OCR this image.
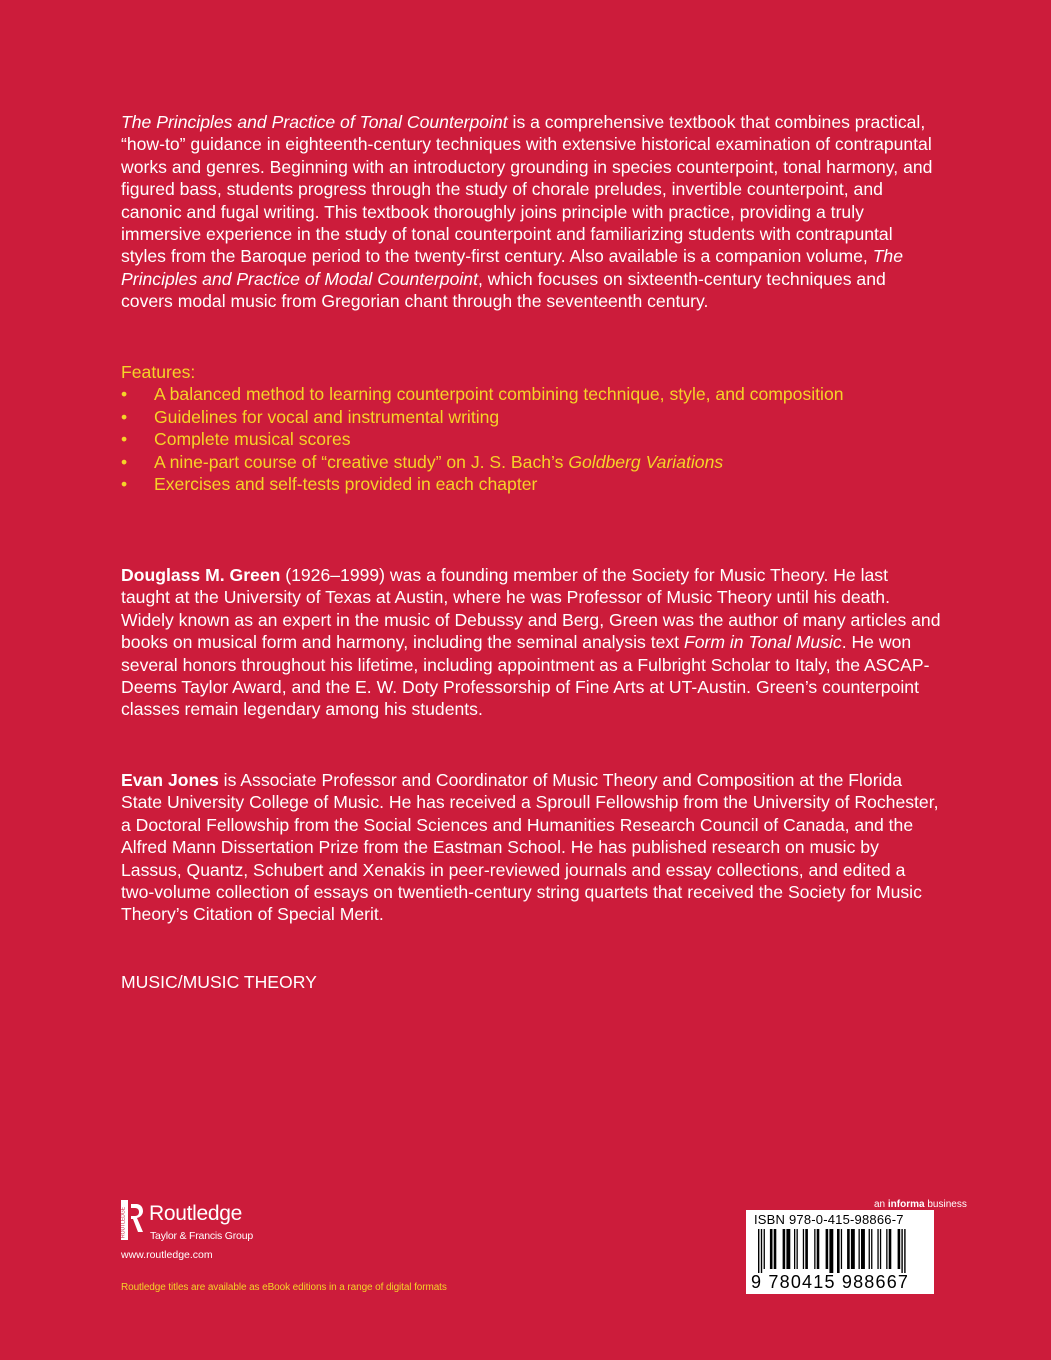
The Principles and Practice of Tonal Counterpoint is a comprehensive textbook that combines practical, “how-to” guidance in eighteenth-century techniques with extensive historical examination of contrapuntal works and genres. Beginning with an introductory grounding in species counterpoint, tonal harmony, and figured bass, students progress through the study of chorale preludes, invertible counterpoint, and canonic and fugal writing. This textbook thoroughly joins principle with practice, providing a truly immersive experience in the study of tonal counterpoint and familiarizing students with contrapuntal styles from the Baroque period to the twenty-first century. Also available is a companion volume, The Principles and Practice of Modal Counterpoint, which focuses on sixteenth-century techniques and covers modal music from Gregorian chant through the seventeenth century.

Features:

• A balanced method to learning counterpoint combining technique, style, and composition
• Guidelines for vocal and instrumental writing
• Complete musical scores
• A nine-part course of “creative study” on J. S. Bach’s Goldberg Variations
• Exercises and self-tests provided in each chapter

Douglass M. Green (1926–1999) was a founding member of the Society for Music Theory. He last taught at the University of Texas at Austin, where he was Professor of Music Theory until his death. Widely known as an expert in the music of Debussy and Berg, Green was the author of many articles and books on musical form and harmony, including the seminal analysis text Form in Tonal Music. He won several honors throughout his lifetime, including appointment as a Fulbright Scholar to Italy, the ASCAP-Deems Taylor Award, and the E. W. Doty Professorship of Fine Arts at UT-Austin. Green’s counterpoint classes remain legendary among his students.

Evan Jones is Associate Professor and Coordinator of Music Theory and Composition at the Florida State University College of Music. He has received a Sproull Fellowship from the University of Rochester, a Doctoral Fellowship from the Social Sciences and Humanities Research Council of Canada, and the Alfred Mann Dissertation Prize from the Eastman School. He has published research on music by Lassus, Quantz, Schubert and Xenakis in peer-reviewed journals and essay collections, and edited a two-volume collection of essays on twentieth-century string quartets that received the Society for Music Theory’s Citation of Special Merit.

MUSIC/MUSIC THEORY
ROUTLEDGE Routledge
Taylor & Francis Group
www.routledge.com
Routledge titles are available as eBook editions in a range of digital formats
an informa business
ISBN 978-0-415-98866-7
9 780415 988667
